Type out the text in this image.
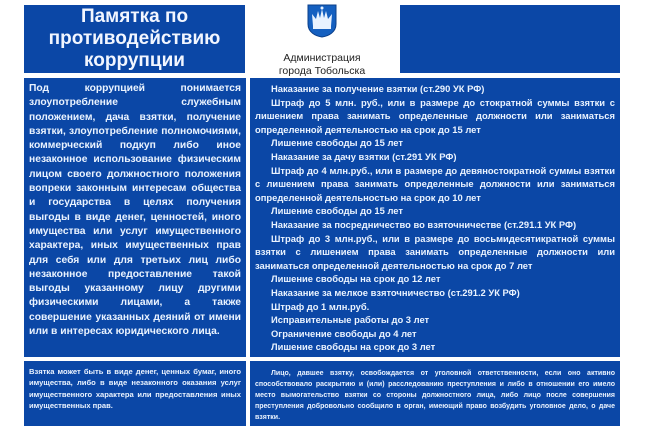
Памятка по противодействию коррупции	Администрация
города Тобольска

Под коррупцией понимается злоупотребление служебным положением, дача взятки, получение взятки, злоупотребление полномочиями, коммерческий подкуп либо иное незаконное использование физическим лицом своего должностного положения вопреки законным интересам общества и государства в целях получения выгоды в виде денег, ценностей, иного имущества или услуг имущественного характера, иных имущественных прав для себя или для третьих лиц либо незаконное предоставление такой выгоды указанному лицу другими физическими лицами, а также совершение указанных деяний от имени или в интересах юридического лица.

Наказание за получение взятки (ст.290 УК РФ)
Штраф до 5 млн. руб., или в размере до стократной суммы взятки с лишением права занимать определенные должности или заниматься определенной деятельностью на срок до 15 лет
Лишение свободы до 15 лет
Наказание за дачу взятки (ст.291 УК РФ)
Штраф до 4 млн.руб., или в размере до девяностократной суммы взятки с лишением права занимать определенные должности или заниматься определенной деятельностью на срок до 10 лет
Лишение свободы до 15 лет
Наказание за посредничество во взяточничестве (ст.291.1 УК РФ)
Штраф до 3 млн.руб., или в размере до восьмидесятикратной суммы взятки с лишением права занимать определенные должности или заниматься определенной деятельностью на срок до 7 лет
Лишение свободы на срок до 12 лет
Наказание за мелкое взяточничество (ст.291.2 УК РФ)
Штраф до 1 млн.руб.
Исправительные работы до 3 лет
Ограничение свободы до 4 лет
Лишение свободы на срок до 3 лет

Взятка может быть в виде денег, ценных бумаг, иного имущества, либо в виде незаконного оказания услуг имущественного характера или предоставления иных имущественных прав.

Лицо, давшее взятку, освобождается от уголовной ответственности, если оно активно способствовало раскрытию и (или) расследованию преступления и либо в отношении его имело место вымогательство взятки со стороны должностного лица, либо лицо после совершения преступления добровольно сообщило в орган, имеющий право возбудить уголовное дело, о даче взятки.
